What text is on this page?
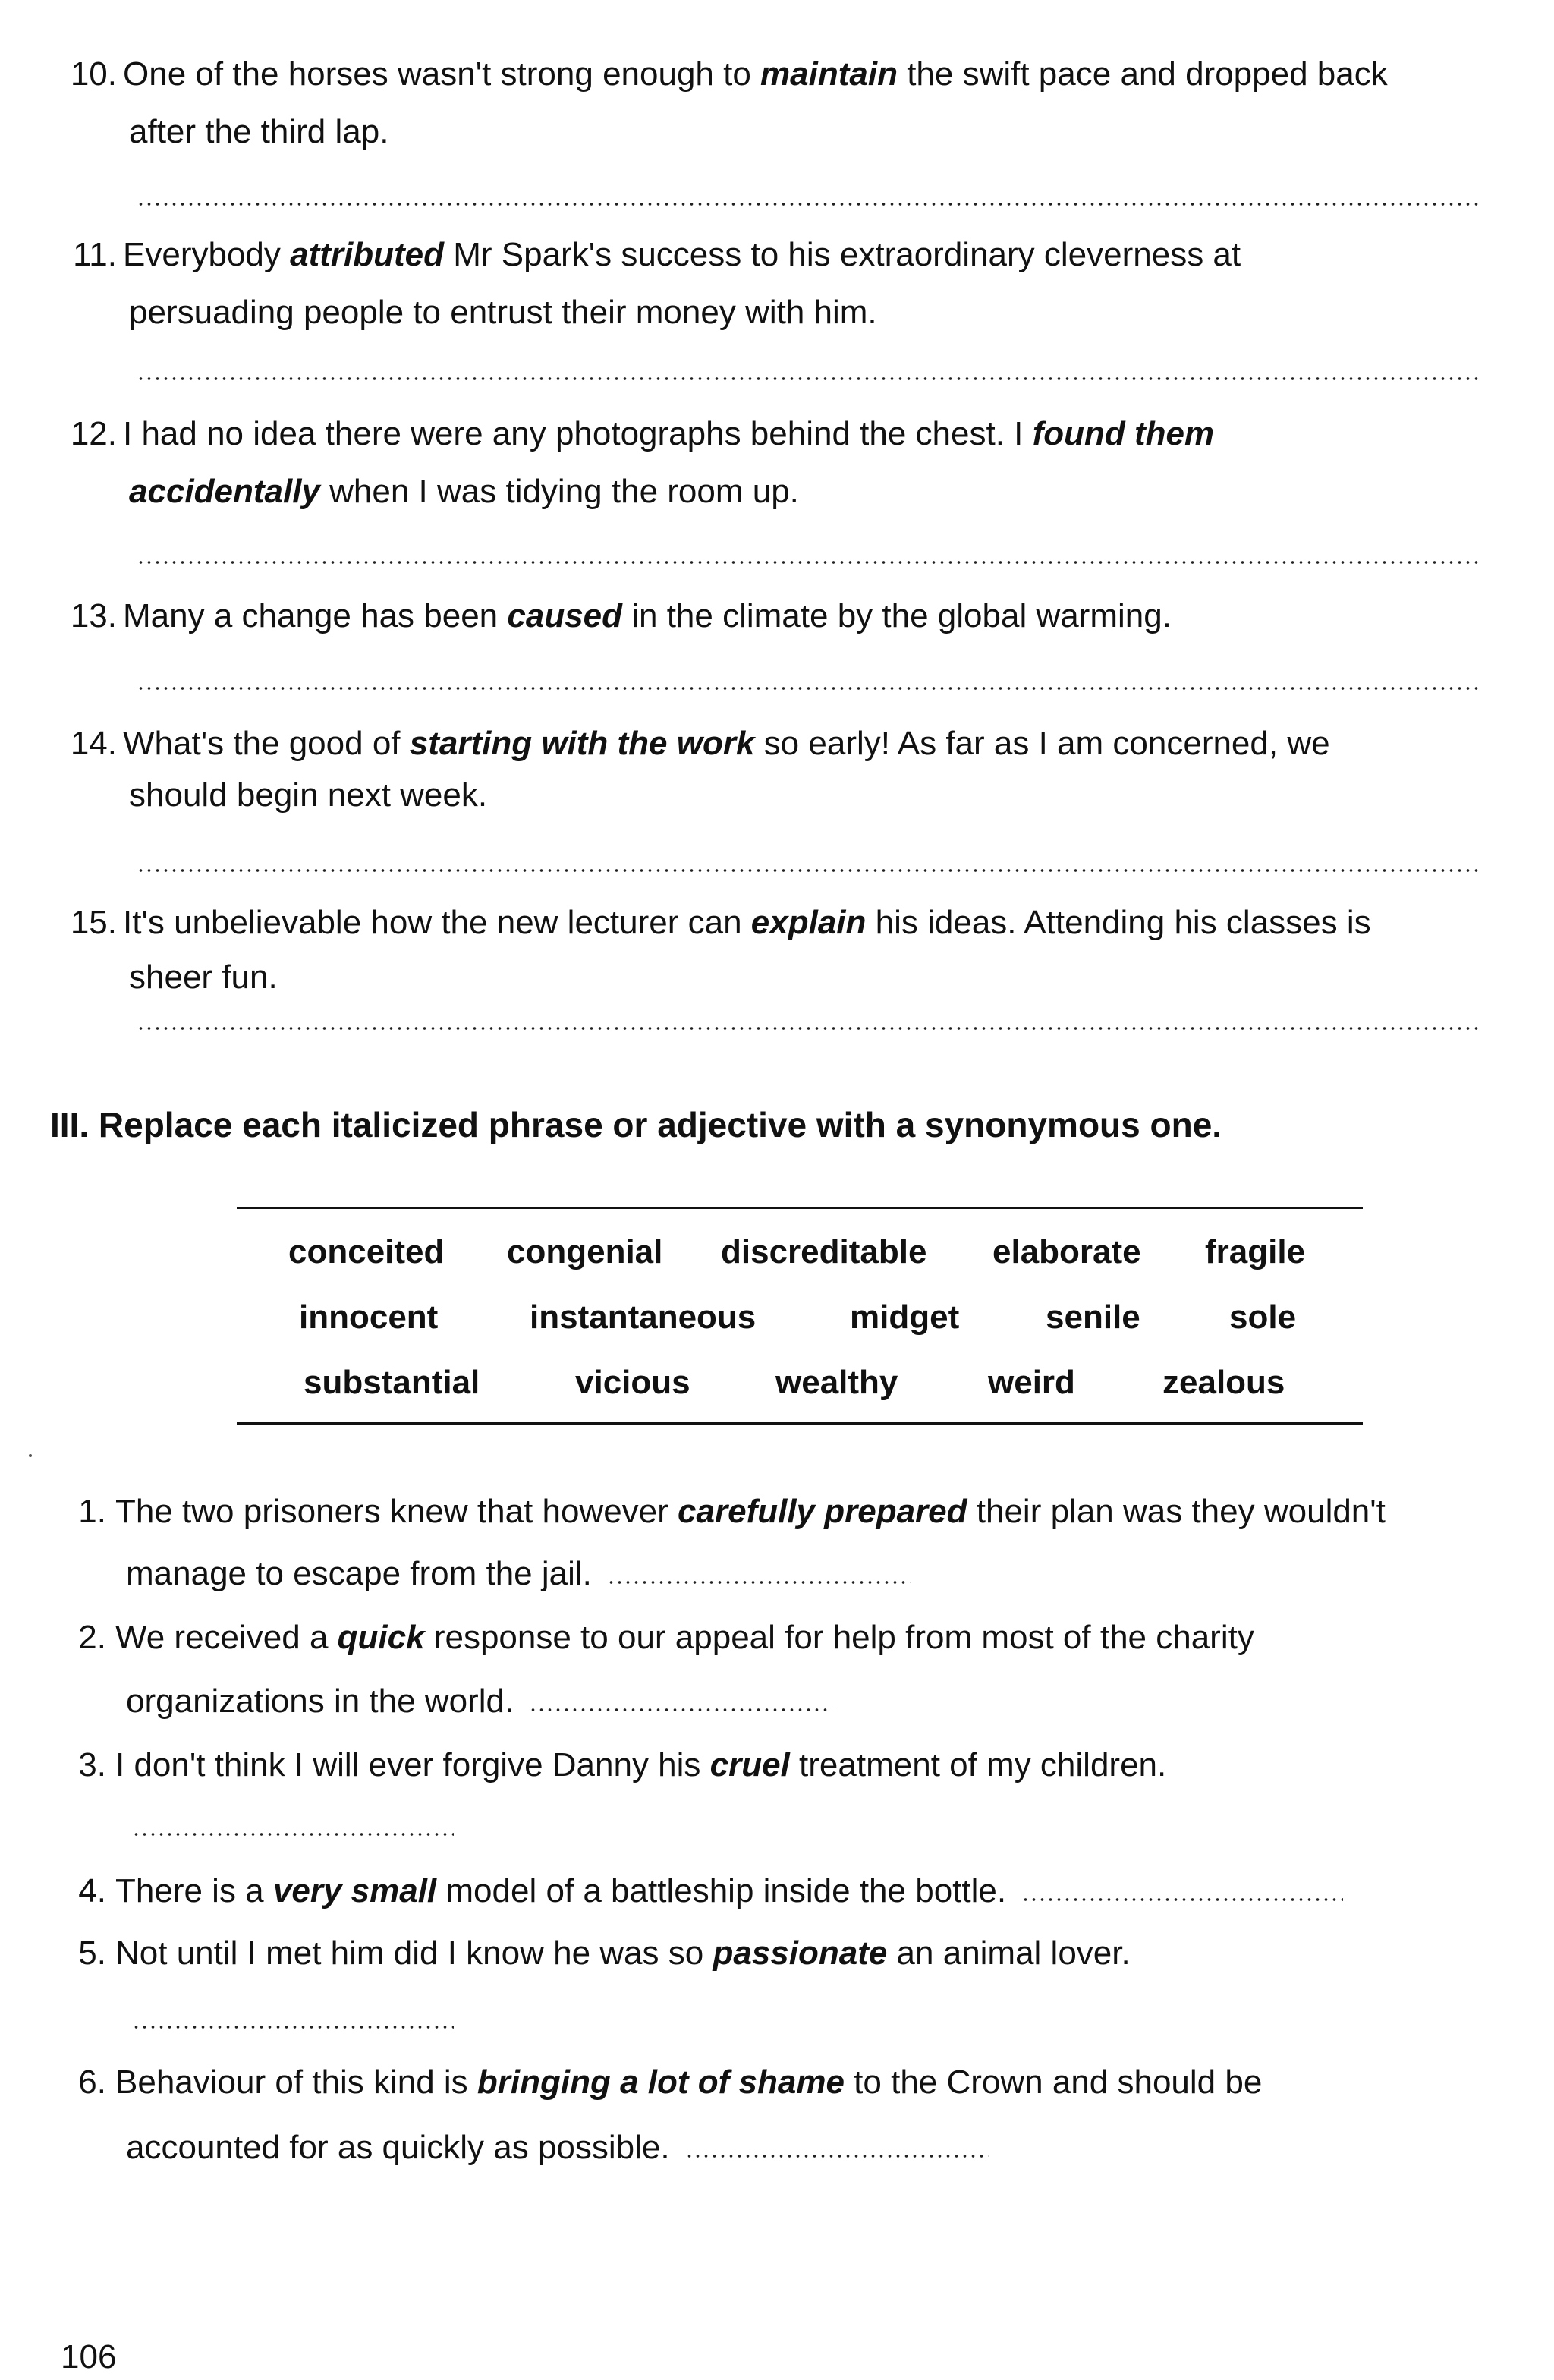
10. One of the horses wasn't strong enough to maintain the swift pace and dropped back
after the third lap.
11. Everybody attributed Mr Spark's success to his extraordinary cleverness at
persuading people to entrust their money with him.
12. I had no idea there were any photographs behind the chest. I found them
accidentally when I was tidying the room up.
13. Many a change has been caused in the climate by the global warming.
14. What's the good of starting with the work so early! As far as I am concerned, we
should begin next week.
15. It's unbelievable how the new lecturer can explain his ideas. Attending his classes is
sheer fun.
III. Replace each italicized phrase or adjective with a synonymous one.
conceited congenial discreditable elaborate fragile
innocent	instantaneous	midget	senile	sole
substantial	vicious	wealthy	weird	zealous
1. The two prisoners knew that however carefully prepared their plan was they wouldn't
manage to escape from the jail.
2. We received a quick response to our appeal for help from most of the charity
organizations in the world.
3. I don't think I will ever forgive Danny his cruel treatment of my children.
4. There is a very small model of a battleship inside the bottle.
5. Not until I met him did I know he was so passionate an animal lover.
6. Behaviour of this kind is bringing a lot of shame to the Crown and should be
accounted for as quickly as possible.
106
